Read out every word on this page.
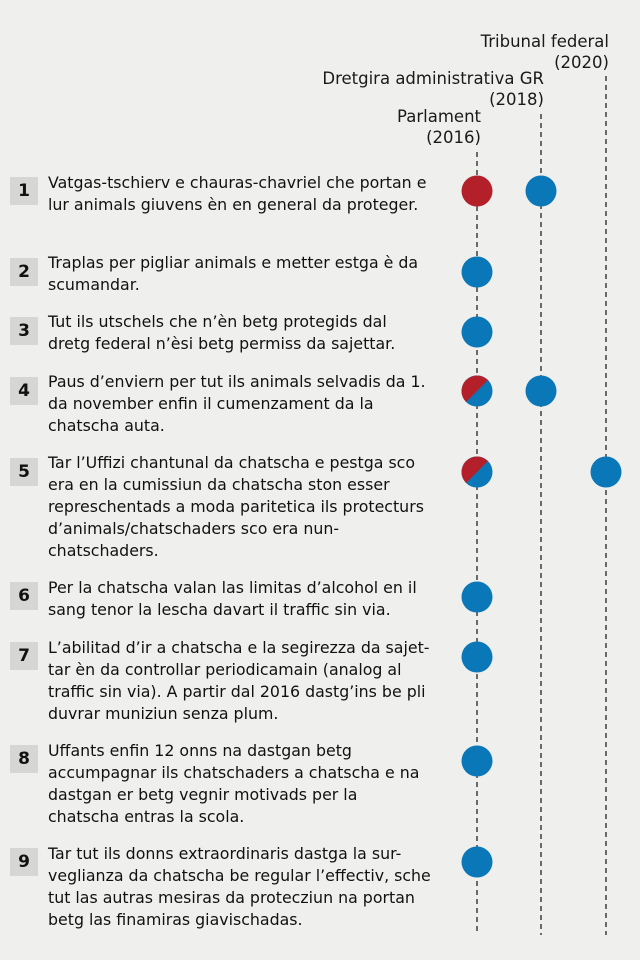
Tribunal federal
(2020)
Dretgira administrativa GR
(2018)
Parlament
(2016)
1	Vatgas-tschierv e chauras-chavriel che portan e lur animals giuvens èn en general da proteger.
2	Traplas per pigliar animals e metter estga è da scumandar.
3	Tut ils utschels che n’èn betg protegids dal dretg federal n’èsi betg permiss da sajettar.
4	Paus d’enviern per tut ils animals selvadis da 1. da november enfin il cumenzament da la chatscha auta.
5	Tar l’Uffizi chantunal da chatscha e pestga sco era en la cumissiun da chatscha ston esser represchentads a moda paritetica ils protecturs d’animals/chatschaders sco era nun-chatschaders.
6	Per la chatscha valan las limitas d’alcohol en il sang tenor la lescha davart il traffic sin via.
7	L’abilitad d’ir a chatscha e la segirezza da sajet-tar èn da controllar periodicamain (analog al traffic sin via). A partir dal 2016 dastg’ins be pli duvrar muniziun senza plum.
8	Uffants enfin 12 onns na dastgan betg accumpagnar ils chatschaders a chatscha e na dastgan er betg vegnir motivads per la chatscha entras la scola.
9	Tar tut ils donns extraordinaris dastga la sur-veglianza da chatscha be regular l’effectiv, sche tut las autras mesiras da protecziun na portan betg las finamiras giavischadas.
